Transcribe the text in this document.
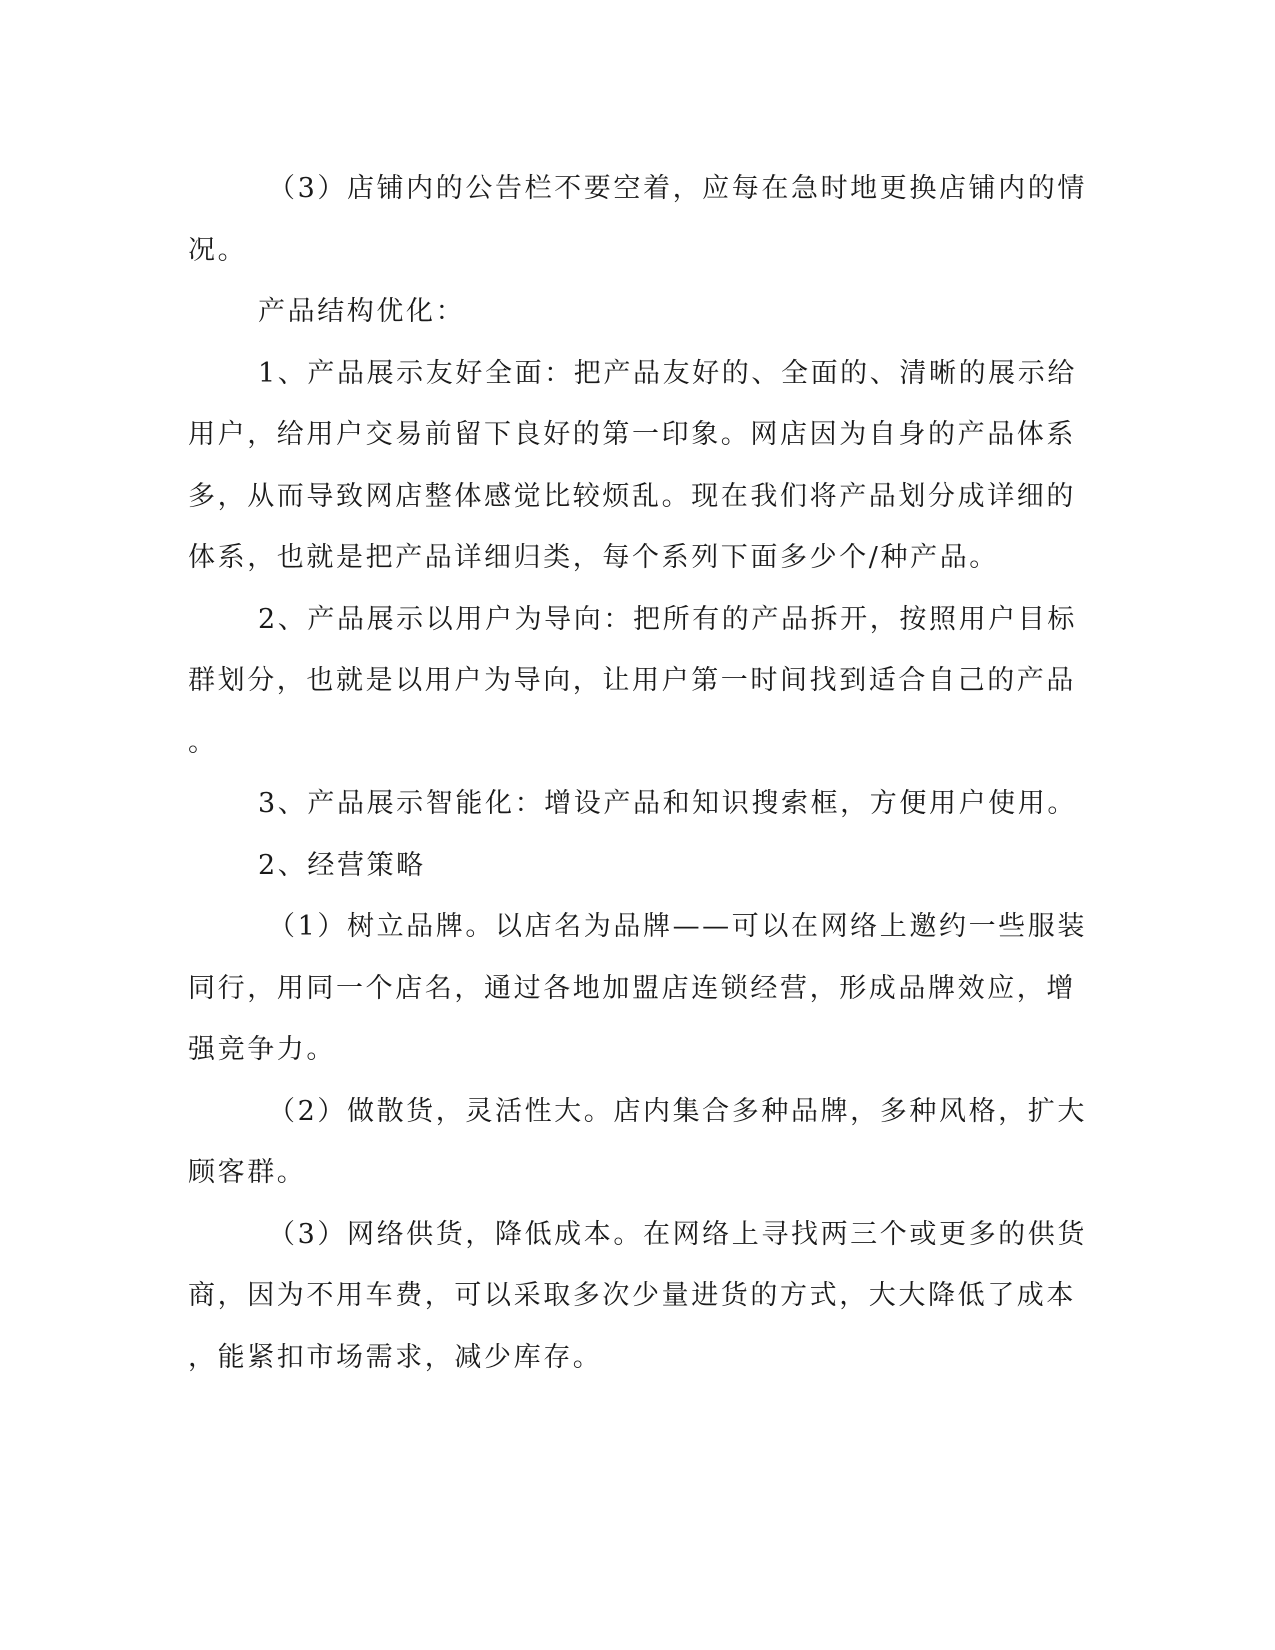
（3）店铺内的公告栏不要空着，应每在急时地更换店铺内的情
况。
产品结构优化：
1、产品展示友好全面：把产品友好的、全面的、清晰的展示给
用户，给用户交易前留下良好的第一印象。网店因为自身的产品体系
多，从而导致网店整体感觉比较烦乱。现在我们将产品划分成详细的
体系，也就是把产品详细归类，每个系列下面多少个/种产品。
2、产品展示以用户为导向：把所有的产品拆开，按照用户目标
群划分，也就是以用户为导向，让用户第一时间找到适合自己的产品
。
3、产品展示智能化：增设产品和知识搜索框，方便用户使用。
2、经营策略
（1）树立品牌。以店名为品牌——可以在网络上邀约一些服装
同行，用同一个店名，通过各地加盟店连锁经营，形成品牌效应，增
强竞争力。
（2）做散货，灵活性大。店内集合多种品牌，多种风格，扩大
顾客群。
（3）网络供货，降低成本。在网络上寻找两三个或更多的供货
商，因为不用车费，可以采取多次少量进货的方式，大大降低了成本
，能紧扣市场需求，减少库存。
